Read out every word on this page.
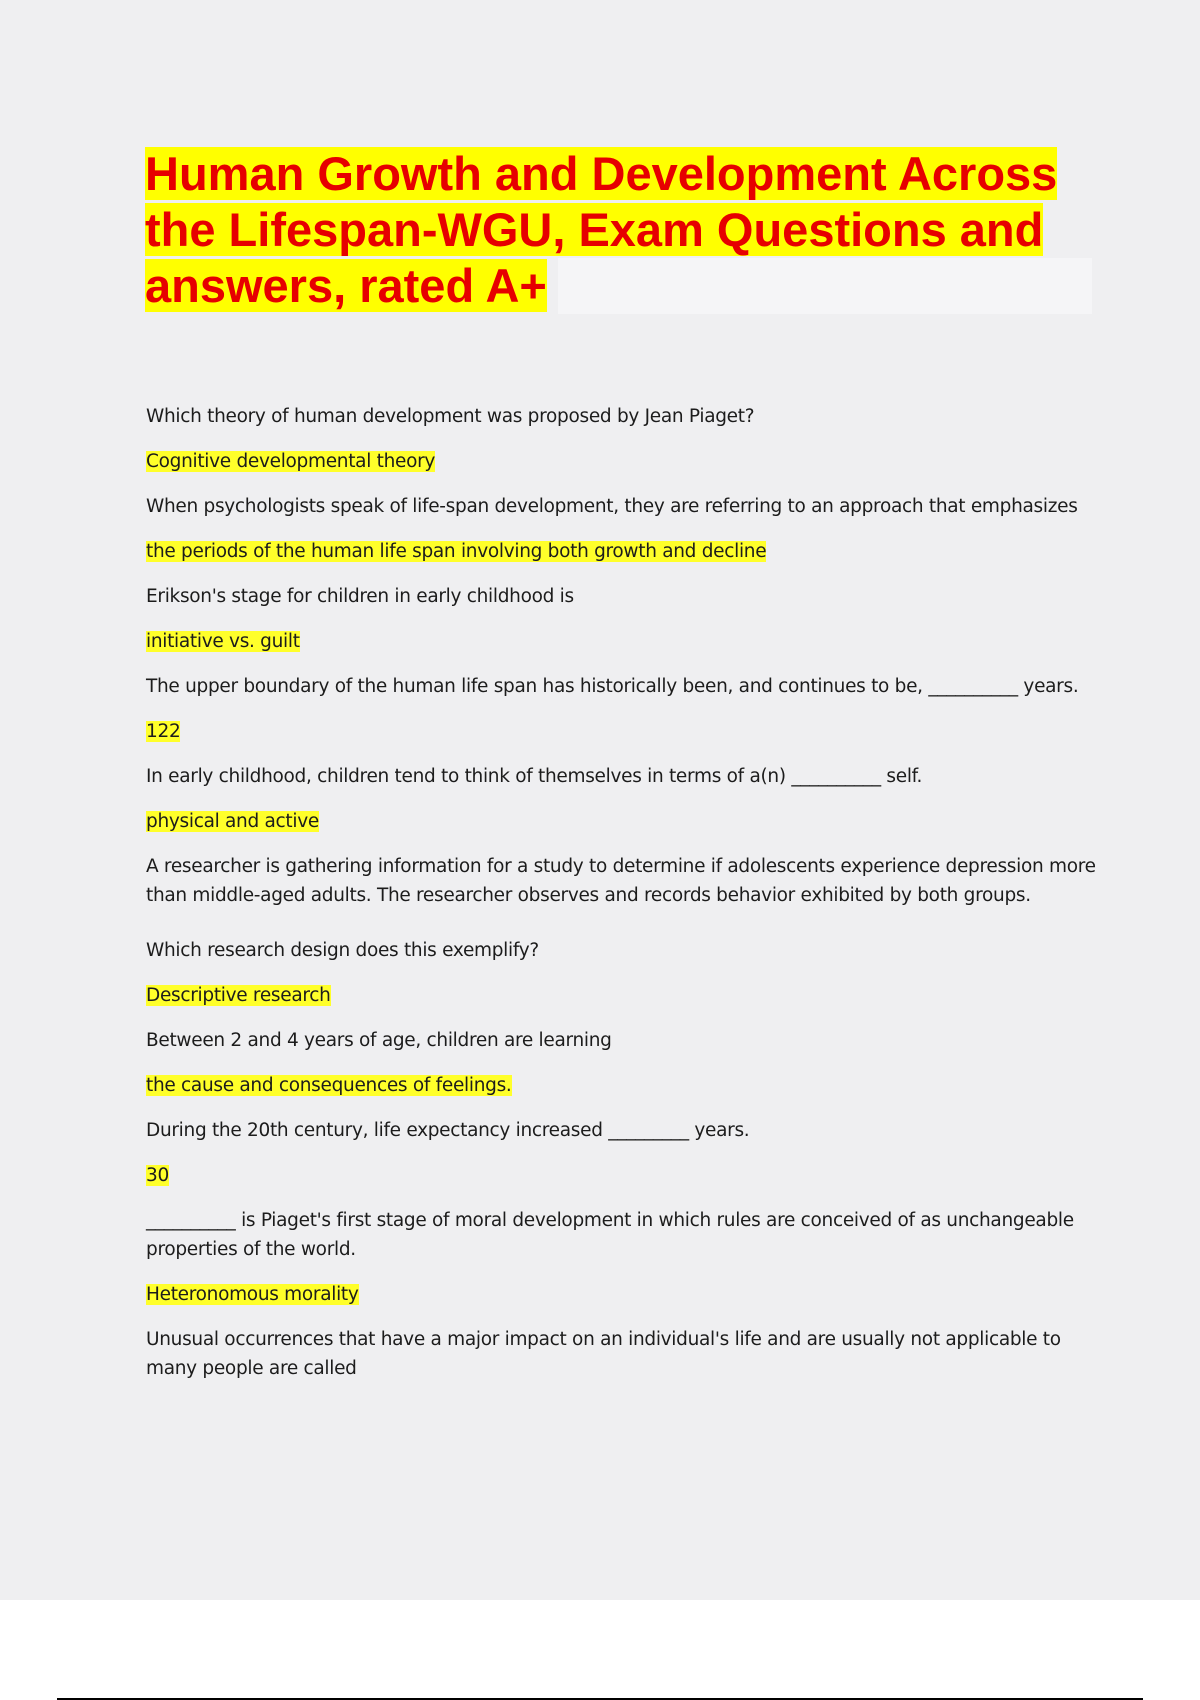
Human Growth and Development Across the Lifespan-WGU, Exam Questions and answers, rated A+

Which theory of human development was proposed by Jean Piaget?

Cognitive developmental theory

When psychologists speak of life-span development, they are referring to an approach that emphasizes

the periods of the human life span involving both growth and decline

Erikson's stage for children in early childhood is

initiative vs. guilt

The upper boundary of the human life span has historically been, and continues to be, __________ years.

122

In early childhood, children tend to think of themselves in terms of a(n) __________ self.

physical and active

A researcher is gathering information for a study to determine if adolescents experience depression more than middle-aged adults. The researcher observes and records behavior exhibited by both groups.

Which research design does this exemplify?

Descriptive research

Between 2 and 4 years of age, children are learning

the cause and consequences of feelings.

During the 20th century, life expectancy increased _________ years.

30

__________ is Piaget's first stage of moral development in which rules are conceived of as unchangeable properties of the world.

Heteronomous morality

Unusual occurrences that have a major impact on an individual's life and are usually not applicable to many people are called
